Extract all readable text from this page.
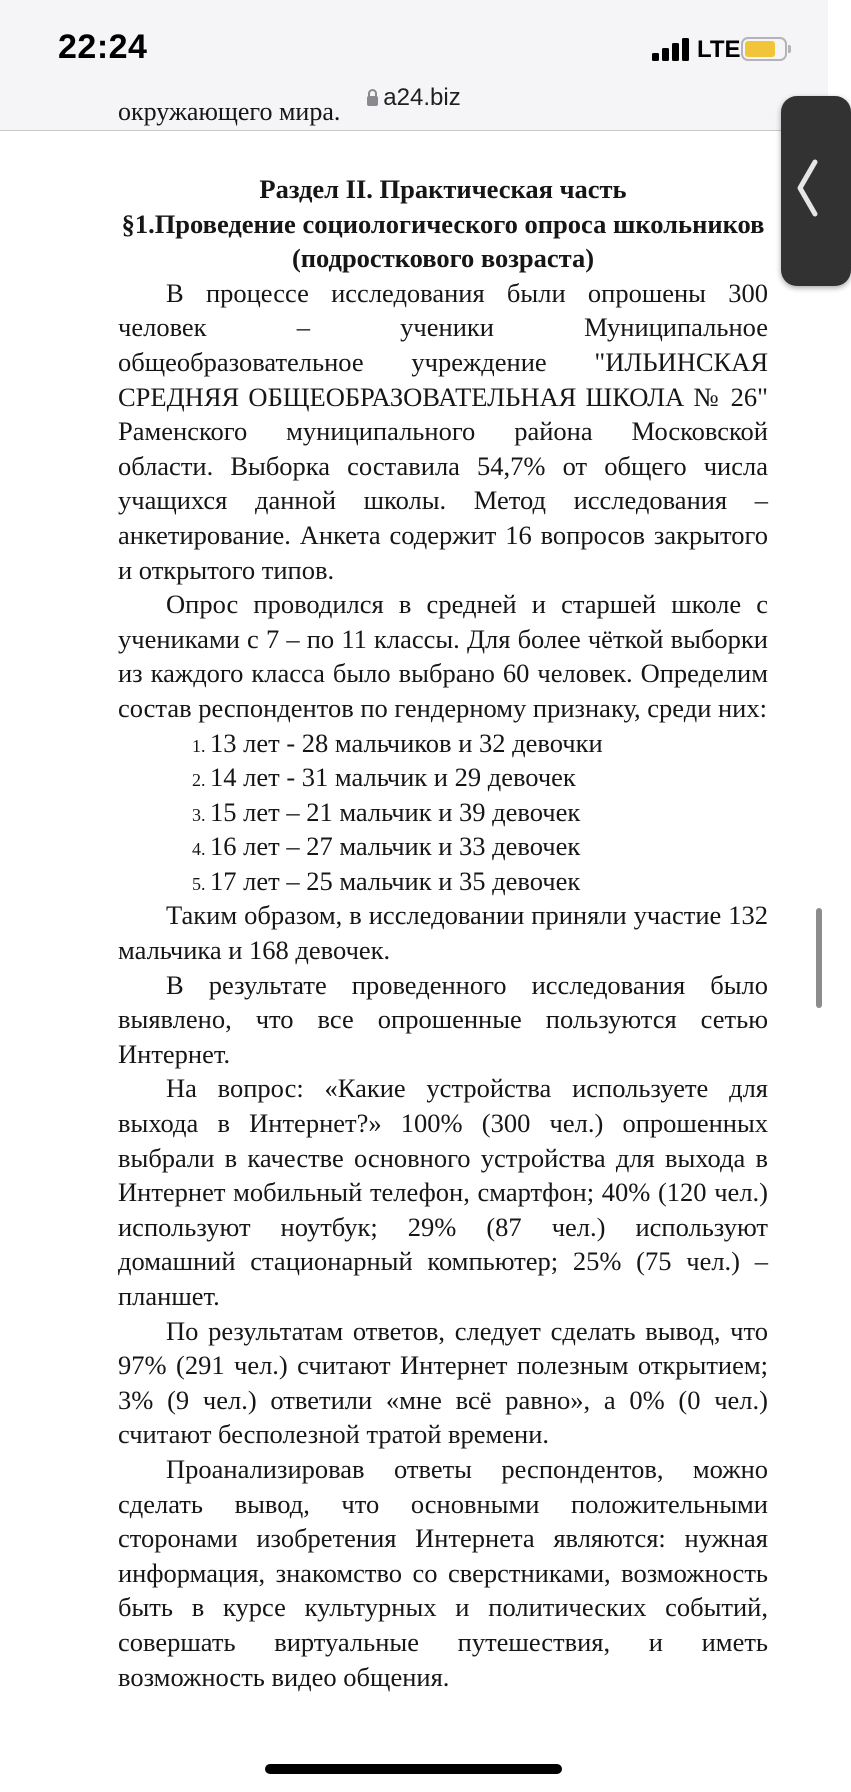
22:24	LTE
a24.biz
окружающего мира.

Раздел II. Практическая часть

§1.Проведение социологического опроса школьников (подросткового возраста)

В процессе исследования были опрошены 300 человек – ученики Муниципальное общеобразовательное учреждение "ИЛЬИНСКАЯ СРЕДНЯЯ ОБЩЕОБРАЗОВАТЕЛЬНАЯ ШКОЛА № 26" Раменского муниципального района Московской области. Выборка составила 54,7% от общего числа учащихся данной школы. Метод исследования – анкетирование. Анкета содержит 16 вопросов закрытого и открытого типов.

Опрос проводился в средней и старшей школе с учениками с 7 – по 11 классы. Для более чёткой выборки из каждого класса было выбрано 60 человек. Определим состав респондентов по гендерному признаку, среди них:

1. 13 лет - 28 мальчиков и 32 девочки
2. 14 лет - 31 мальчик и 29 девочек
3. 15 лет – 21 мальчик и 39 девочек
4. 16 лет – 27 мальчик и 33 девочек
5. 17 лет – 25 мальчик и 35 девочек

Таким образом, в исследовании приняли участие 132 мальчика и 168 девочек.

В результате проведенного исследования было выявлено, что все опрошенные пользуются сетью Интернет.

На вопрос: «Какие устройства используете для выхода в Интернет?» 100% (300 чел.) опрошенных выбрали в качестве основного устройства для выхода в Интернет мобильный телефон, смартфон; 40% (120 чел.) используют ноутбук; 29% (87 чел.) используют домашний стационарный компьютер; 25% (75 чел.) – планшет.

По результатам ответов, следует сделать вывод, что 97% (291 чел.) считают Интернет полезным открытием; 3% (9 чел.) ответили «мне всё равно», а 0% (0 чел.) считают бесполезной тратой времени.

Проанализировав ответы респондентов, можно сделать вывод, что основными положительными сторонами изобретения Интернета являются: нужная информация, знакомство со сверстниками, возможность быть в курсе культурных и политических событий, совершать виртуальные путешествия, и иметь возможность видео общения.
